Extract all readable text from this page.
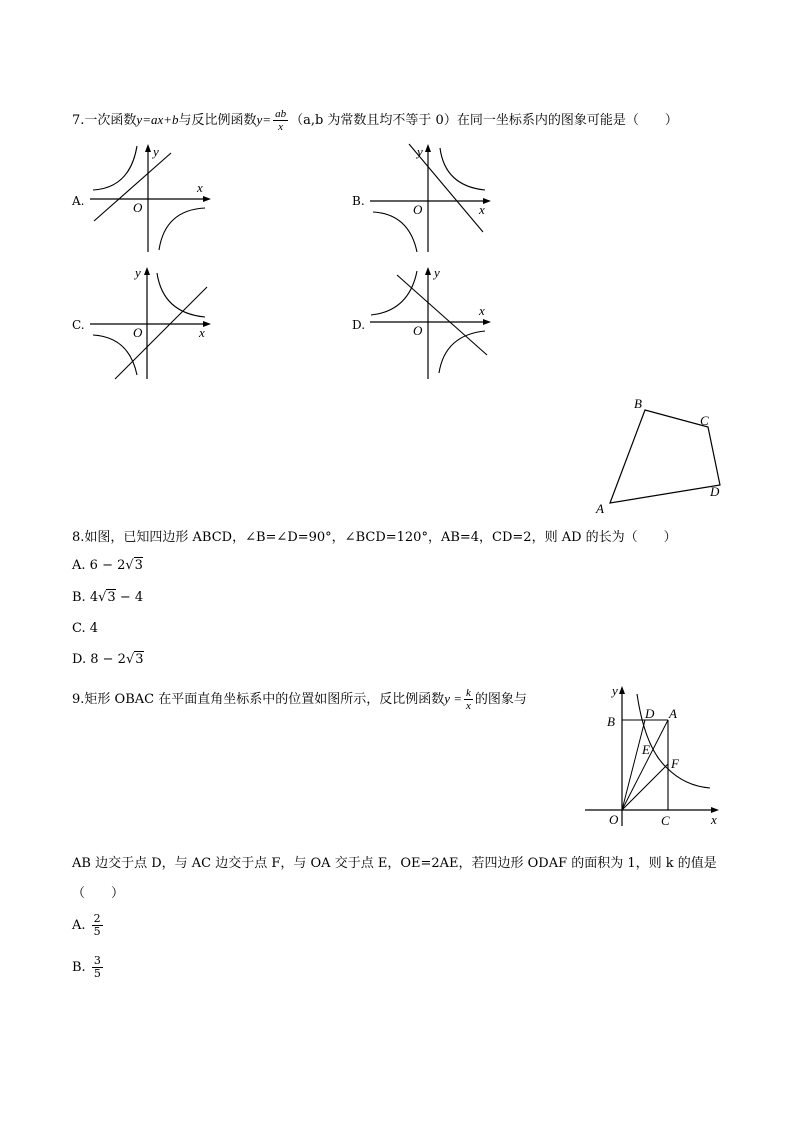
7.一次函数y=ax+b与反比例函数$y= \frac{ab}{x} (a,b$ 为常数且均不等于 0）在同一坐标系内的图象可能是（　　）
A.
y
x
O	B.
y
x
O
C.
y
x
O	D.
y
x
O
A
B
C
D
8.如图，已知四边形 ABCD，∠B=∠D=90°，∠BCD=120°，AB=4，CD=2，则 AD 的长为（　　）
A. 6 − 2√3
B. 4√3 − 4
C. 4
D. 8 − 2√3
9.矩形 OBAC 在平面直角坐标系中的位置如图所示，反比例函数$y = \frac{k}{x}$ 的图象与
y
x
B
D A
E
F
O	C
AB 边交于点 D，与 AC 边交于点 F，与 OA 交于点 E，OE=2AE，若四边形 ODAF 的面积为 1，则 k 的值是
（　　）
A. $\frac{2}{5}$
B. $\frac{3}{5}$
